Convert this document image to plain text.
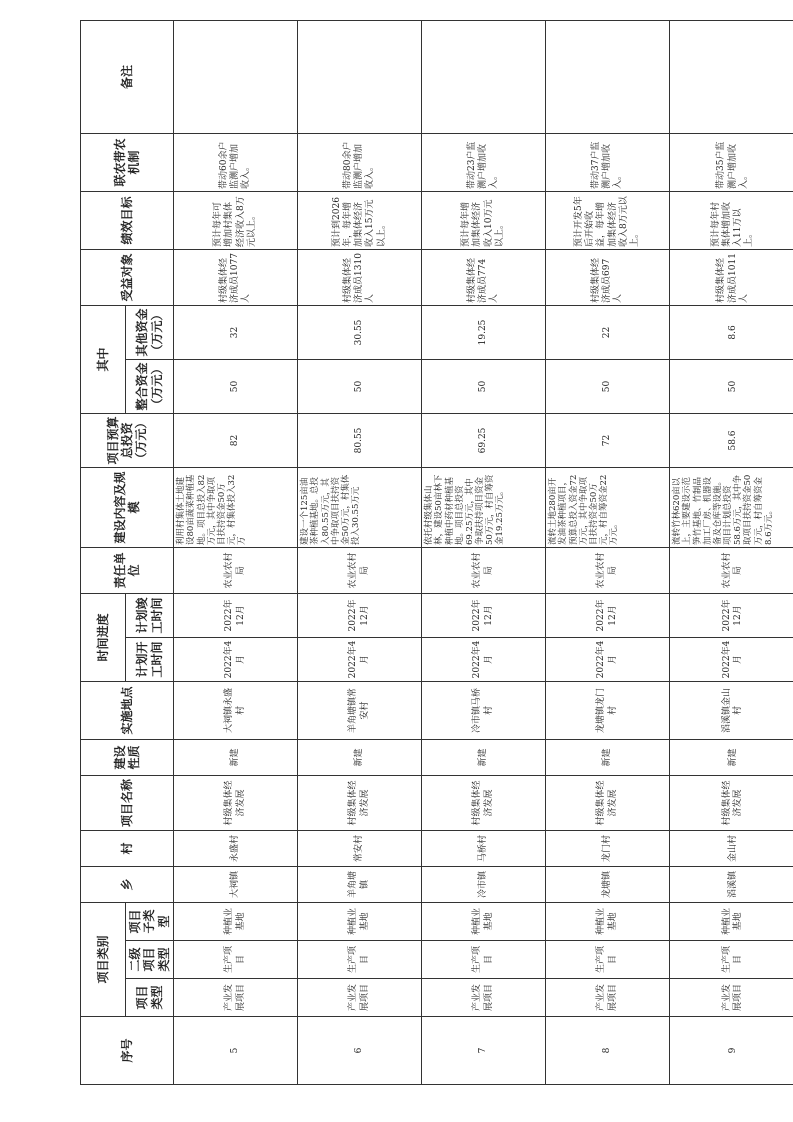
序号	项目类别			乡	村	项目名称	建设性质	实施地点	时间进度		责任单位	建设内容及规模	项目预算总投资（万元）	其中		受益对象	绩效目标	联农带农机制	备注
	项目类型	二级项目类型	项目子类型						计划开工时间	计划竣工时间				整合资金（万元）	其他资金（万元）				

5	产业发展项目	生产项目	种植业基地	大祠镇	永盛村	村级集体经济发展	新建	大祠镇永盛村	2022年4月	2022年12月	农业农村局	利用村集体土地建设80亩蔬菜种植基地。项目总投入82万元，其中争取项目扶持资金50万元，村集体投入32万	82	50	32	村级集体经济成员1077人	预计每年可增加村集体经济收入8万元以上。	带动60余户监测户增加收入。	
6	产业发展项目	生产项目	种植业基地	羊角塘镇	常安村	村级集体经济发展	新建	羊角塘镇常安村	2022年4月	2022年12月	农业农村局	建设一个125亩油茶种植基地。总投入80.55万元，其中争取项目扶持资金50万元，村集体投入30.55万元	80.55	50	30.55	村级集体经济成员1310人	预计到2026年，每年增加集体经济收入15万元以上。	带动80余户监测户增加收入。	
7	产业发展项目	生产项目	种植业基地	冷市镇	马桥村	村级集体经济发展	新建	冷市镇马桥村	2022年4月	2022年12月	农业农村局	依托村级集体山林，建设50亩林下种植中药材种植基地。项目总投资69.25万元，其中争取扶持项目资金50万元，村自筹资金19.25万元。	69.25	50	19.25	村级集体经济成员774人	预计每年增加集体经济收入10万元以上。	带动23户监测户增加收入。	
8	产业发展项目	生产项目	种植业基地	龙塘镇	龙门村	村级集体经济发展	新建	龙塘镇龙门村	2022年4月	2022年12月	农业农村局	流转土地280亩开发油茶种植项目，预算总投入资金72万元，其中争取项目扶持资金50万元，村自筹资金22万元。	72	50	22	村级集体经济成员697人	预计开发5年后开始收益，每年增加集体经济收入8万元以上。	带动37户监测户增加收入。	
9	产业发展项目	生产项目	种植业基地	滔溪镇	金山村	村级集体经济发展	新建	滔溪镇金山村	2022年4月	2022年12月	农业农村局	流转竹林620亩以上，主要建设示范笋竹基地、竹制品加工厂房、机器设备及仓库等设施。项目计划总投资58.6万元，其中争取项目扶持资金50万元，村自筹资金8.6万元。	58.6	50	8.6	村级集体经济成员1011人	预计每年村集体增加收入11万以上。	带动35户监测户增加收入。	
